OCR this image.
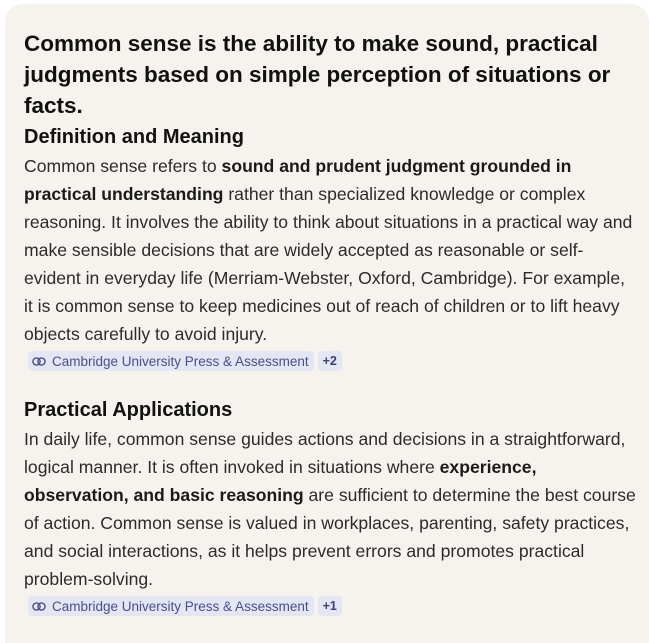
Common sense is the ability to make sound, practical judgments based on simple perception of situations or facts.
Definition and Meaning

Common sense refers to sound and prudent judgment grounded in practical understanding rather than specialized knowledge or complex reasoning. It involves the ability to think about situations in a practical way and make sensible decisions that are widely accepted as reasonable or self-evident in everyday life (Merriam-Webster, Oxford, Cambridge). For example, it is common sense to keep medicines out of reach of children or to lift heavy objects carefully to avoid injury.

Cambridge University Press & Assessment	+2
Practical Applications

In daily life, common sense guides actions and decisions in a straightforward, logical manner. It is often invoked in situations where experience, observation, and basic reasoning are sufficient to determine the best course of action. Common sense is valued in workplaces, parenting, safety practices, and social interactions, as it helps prevent errors and promotes practical problem-solving.

Cambridge University Press & Assessment	+1
